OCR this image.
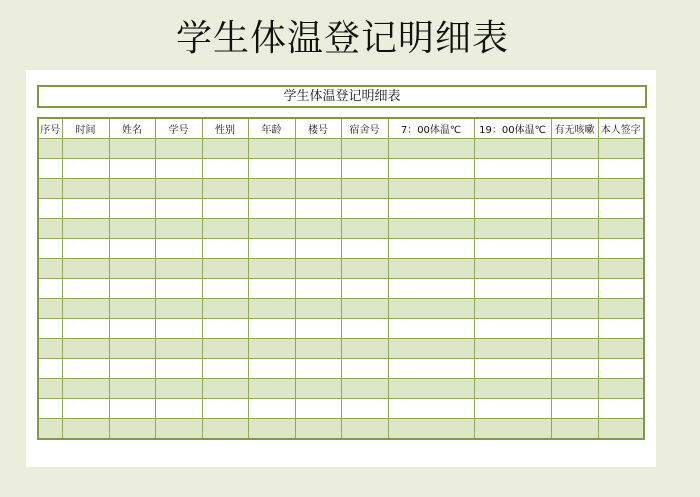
学生体温登记明细表
学生体温登记明细表
序号	时间	姓名	学号	性别	年龄	楼号	宿舍号	7：00体温℃	19：00体温℃	有无咳嗽	本人签字
